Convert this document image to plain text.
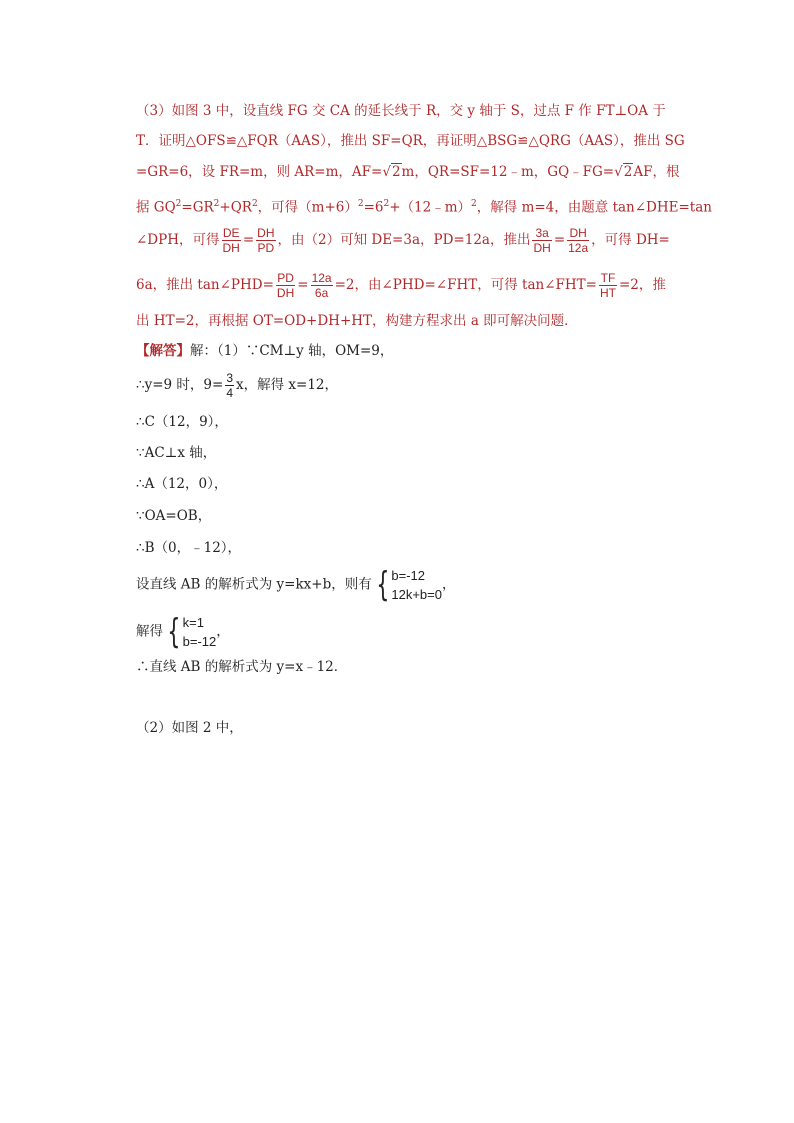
（3）如图 3 中，设直线 FG 交 CA 的延长线于 R，交 y 轴于 S，过点 F 作 FT⊥OA 于
T．证明△OFS≌△FQR（AAS），推出 SF=QR，再证明△BSG≌△QRG（AAS），推出 SG
=GR=6，设 FR=m，则 AR=m，AF=√2m，QR=SF=12﹣m，GQ﹣FG=√2AF，根
据 $GQ^2=GR^2+QR^2$，可得$(m+6)^2=6^2+(12﹣m)^2$，解得 m=4，由题意 tan∠DHE=tan
∠DPH，可得 $\frac{DE}{DH} = \frac{DH}{PD}$ ，由（2）可知 DE=3a，PD=12a，推出 $\frac{3a}{DH} = \frac{DH}{12a}$ ，可得 DH=
6a，推出 tan∠PHD= $\frac{PD}{DH} = \frac{12a}{6a} =2$，由∠PHD=∠FHT，可得 tan∠FHT= $\frac{TF}{HT} =2$，推
出 HT=2，再根据 OT=OD+DH+HT，构建方程求出 a 即可解决问题．
【解答】解：（1）∵CM⊥y 轴，OM=9，
∴y=9 时，$9= \frac{3}{4}$ x，解得 x=12，
∴C（12，9），
∵AC⊥x 轴，
∴A（12，0），
∵OA=OB，
∴B（0，﹣12），
设直线 AB 的解析式为 y=kx+b，则有 { b=-12
12k+b=0
，
解得 { k=1
b=-12
，
∴直线 AB 的解析式为 y=x﹣12．
（2）如图 2 中，
